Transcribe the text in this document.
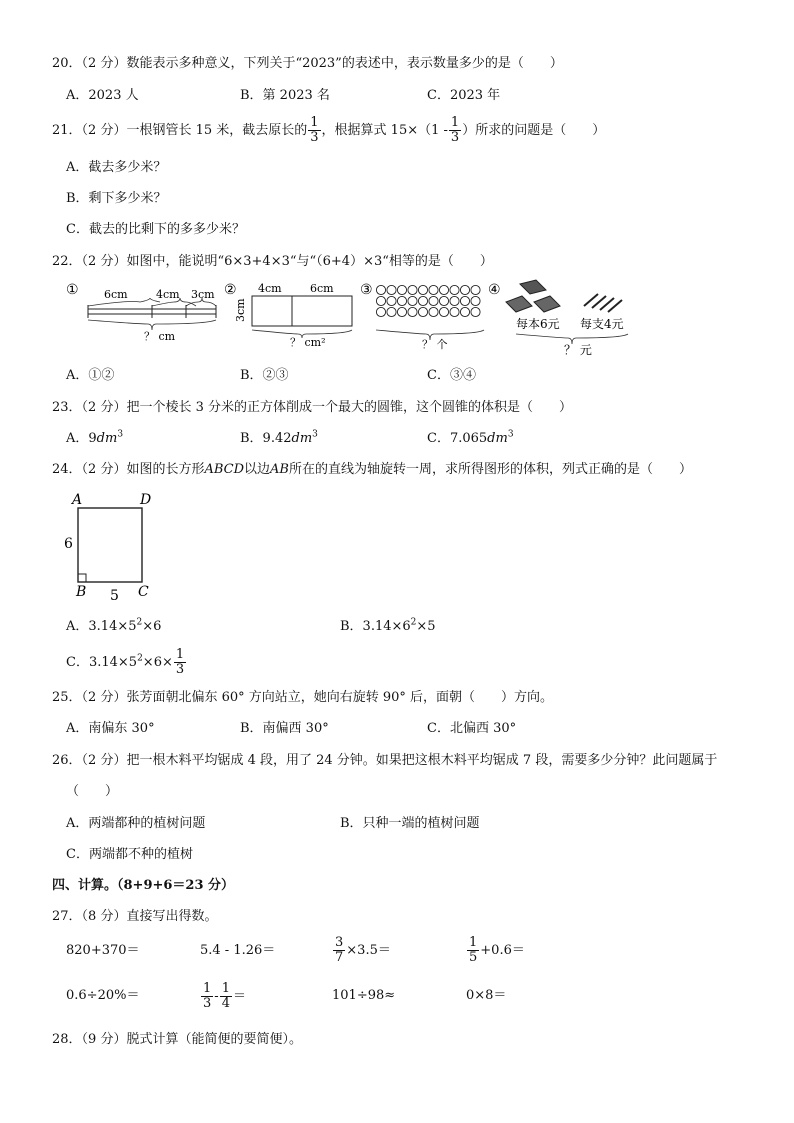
20．（2 分）数能表示多种意义，下列关于“2023”的表述中，表示数量多少的是（　　）
A．2023 人	B．第 2023 名	C．2023 年
21．（2 分）一根钢管长 15 米，截去原长的 $\frac{1}{3}$ ，根据算式 $15\times(1 - \frac{1}{3}$ ）所求的问题是（　　）
A．截去多少米？
B．剩下多少米？
C．截去的比剩下的多多少米？
22．（2 分）如图中，能说明“6×3+4×3“与“（6+4）×3“相等的是（　　）
① 6cm	4cm 3cm
？ cm
② 4cm	6cm
3cm
？ cm²
③
？ 个
④
每本6元 每支4元
？ 元
A．①②	B．②③	C．③④
23．（2 分）把一个棱长 3 分米的正方体削成一个最大的圆锥，这个圆锥的体积是（　　）
A．$9dm^3$	B．$9.42dm^3$	C．$7.065dm^3$
24．（2 分）如图的长方形ABCD以边AB所在的直线为轴旋转一周，求所得图形的体积，列式正确的是（　　）
A	D
B	C
6
5
A．$3.14\times 5^2\times 6$	B．$3.14\times 6^2\times 5$
C．$3.14\times 5^2\times 6\times \frac{1}{3}$
25．（2 分）张芳面朝北偏东 60° 方向站立，她向右旋转 90° 后，面朝（　　）方向。
A．南偏东 30°	B．南偏西 30°	C．北偏西 30°
26．（2 分）把一根木料平均锯成 4 段，用了 24 分钟。如果把这根木料平均锯成 7 段，需要多少分钟？此问题属于
（　　）
A．两端都种的植树问题	B．只种一端的植树问题
C．两端都不种的植树
四、计算。（8+9+6＝23 分）
27．（8 分）直接写出得数。
820+370＝	5.4 - 1.26＝	$\frac{3}{7} \times 3.5=$	$\frac{1}{5} +0.6=$
0.6÷20%＝	$\frac{1}{3} - \frac{1}{4}$ ＝	101÷98≈	0×8＝
28．（9 分）脱式计算（能简便的要简便）。
